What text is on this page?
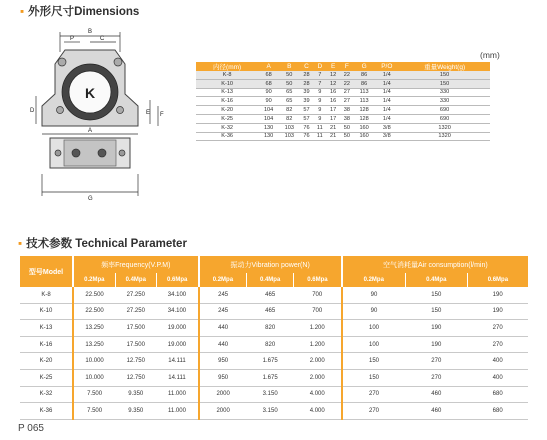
▪ 外形尺寸Dimensions
K
B
P	C
D	E F
A
G
(mm)
内径(mm)	A	B	C	D	E	F	G	P/O	重量Weight(g)
K-8	68	50	28	7	12	22	86	1/4	150
K-10	68	50	28	7	12	22	86	1/4	150
K-13	90	65	39	9	16	27	113	1/4	330
K-16	90	65	39	9	16	27	113	1/4	330
K-20	104	82	57	9	17	38	128	1/4	690
K-25	104	82	57	9	17	38	128	1/4	690
K-32	130	103	76	11	21	50	160	3/8	1320
K-36	130	103	76	11	21	50	160	3/8	1320
▪ 技术参数 Technical Parameter
型号Model	频率Frequency(V.P.M)			振动力Vibration power(N)			空气消耗量Air consumption(l/min)		
	0.2Mpa	0.4Mpa	0.6Mpa	0.2Mpa	0.4Mpa	0.6Mpa	0.2Mpa	0.4Mpa	0.6Mpa
K-8	22.500	27.250	34.100	245	465	700	90	150	190
K-10	22.500	27.250	34.100	245	465	700	90	150	190
K-13	13.250	17.500	19.000	440	820	1.200	100	190	270
K-16	13.250	17.500	19.000	440	820	1.200	100	190	270
K-20	10.000	12.750	14.111	950	1.675	2.000	150	270	400
K-25	10.000	12.750	14.111	950	1.675	2.000	150	270	400
K-32	7.500	9.350	11.000	2000	3.150	4.000	270	460	680
K-36	7.500	9.350	11.000	2000	3.150	4.000	270	460	680
P 065
